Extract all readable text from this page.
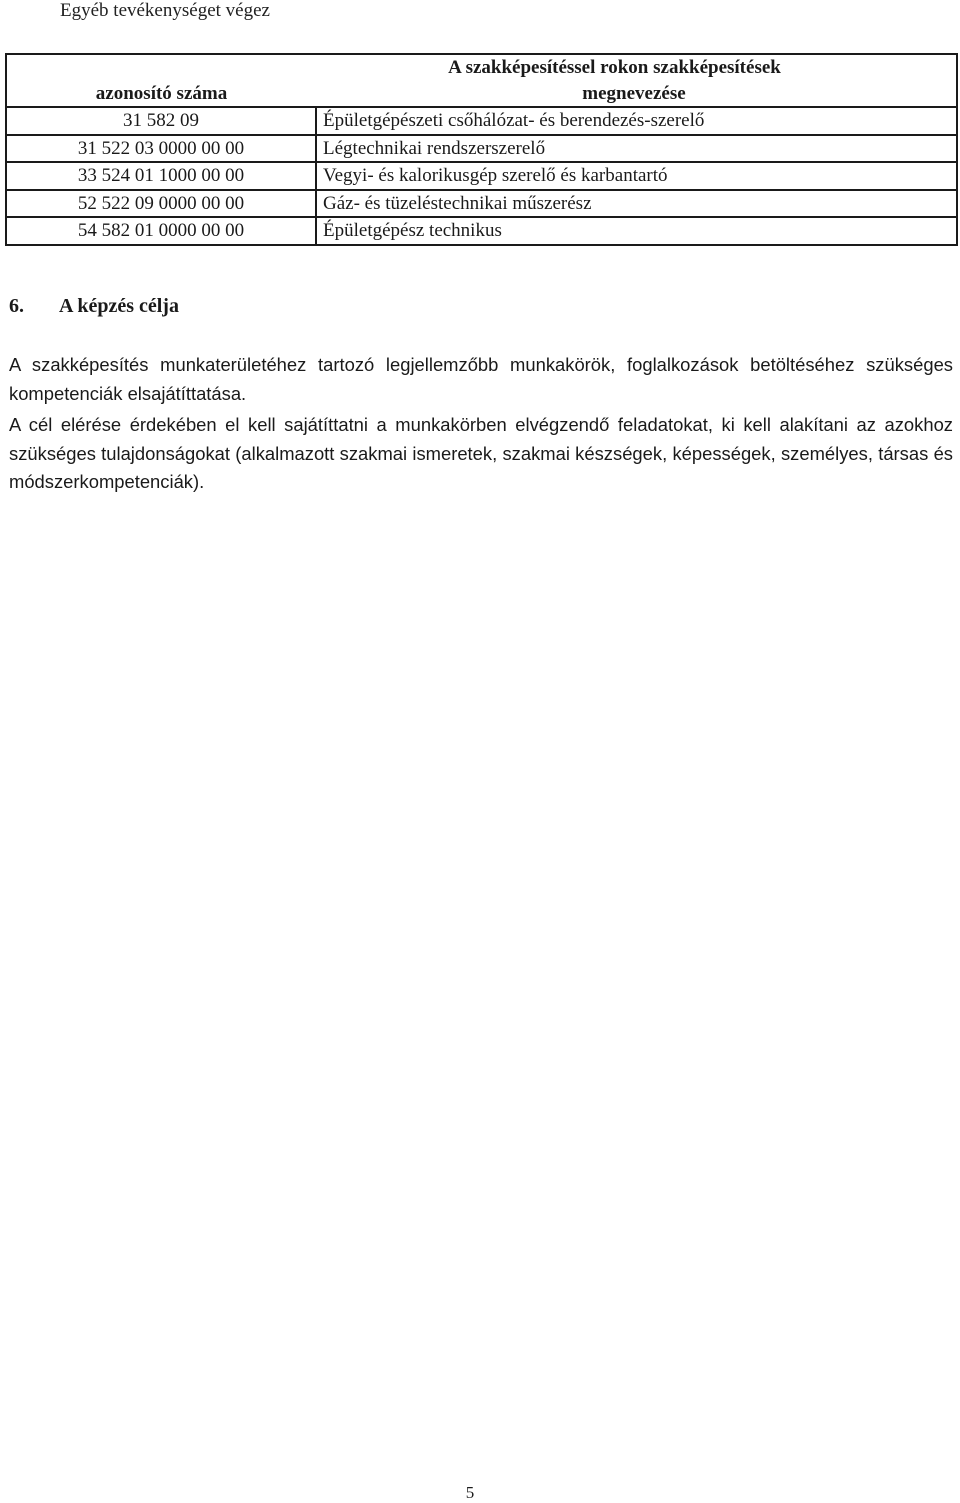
Egyéb tevékenységet végez
A szakképesítéssel rokon szakképesítések	
azonosító száma	megnevezése
31 582 09	Épületgépészeti csőhálózat- és berendezés-szerelő
31 522 03 0000 00 00	Légtechnikai rendszerszerelő
33 524 01 1000 00 00	Vegyi- és kalorikusgép szerelő és karbantartó
52 522 09 0000 00 00	Gáz- és tüzeléstechnikai műszerész
54 582 01 0000 00 00	Épületgépész technikus
6. A képzés célja
A szakképesítés munkaterületéhez tartozó legjellemzőbb munkakörök, foglalkozások betöltéséhez szükséges kompetenciák elsajátíttatása.
A cél elérése érdekében el kell sajátíttatni a munkakörben elvégzendő feladatokat, ki kell alakítani az azokhoz szükséges tulajdonságokat (alkalmazott szakmai ismeretek, szakmai készségek, képességek, személyes, társas és módszerkompetenciák).
5
